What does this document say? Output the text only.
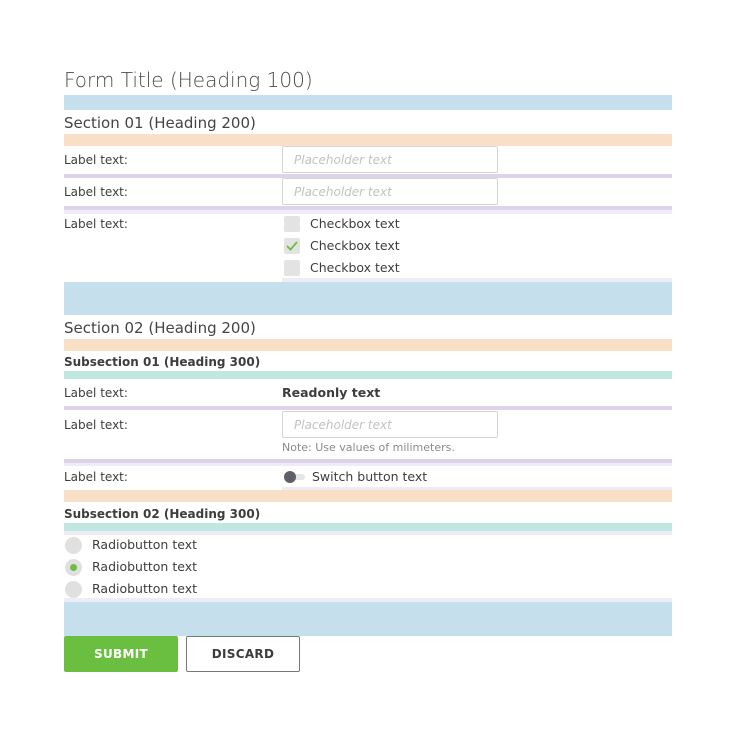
Form Title (Heading 100)
Section 01 (Heading 200)
Label text:
Placeholder text
Label text:
Placeholder text
Label text:	Checkbox text
Checkbox text
Checkbox text
Section 02 (Heading 200)
Subsection 01 (Heading 300)
Label text:	Readonly text
Label text:
Placeholder text
Note: Use values of milimeters.
Label text:	Switch button text
Subsection 02 (Heading 300)
Radiobutton text
Radiobutton text
Radiobutton text
SUBMIT	DISCARD
